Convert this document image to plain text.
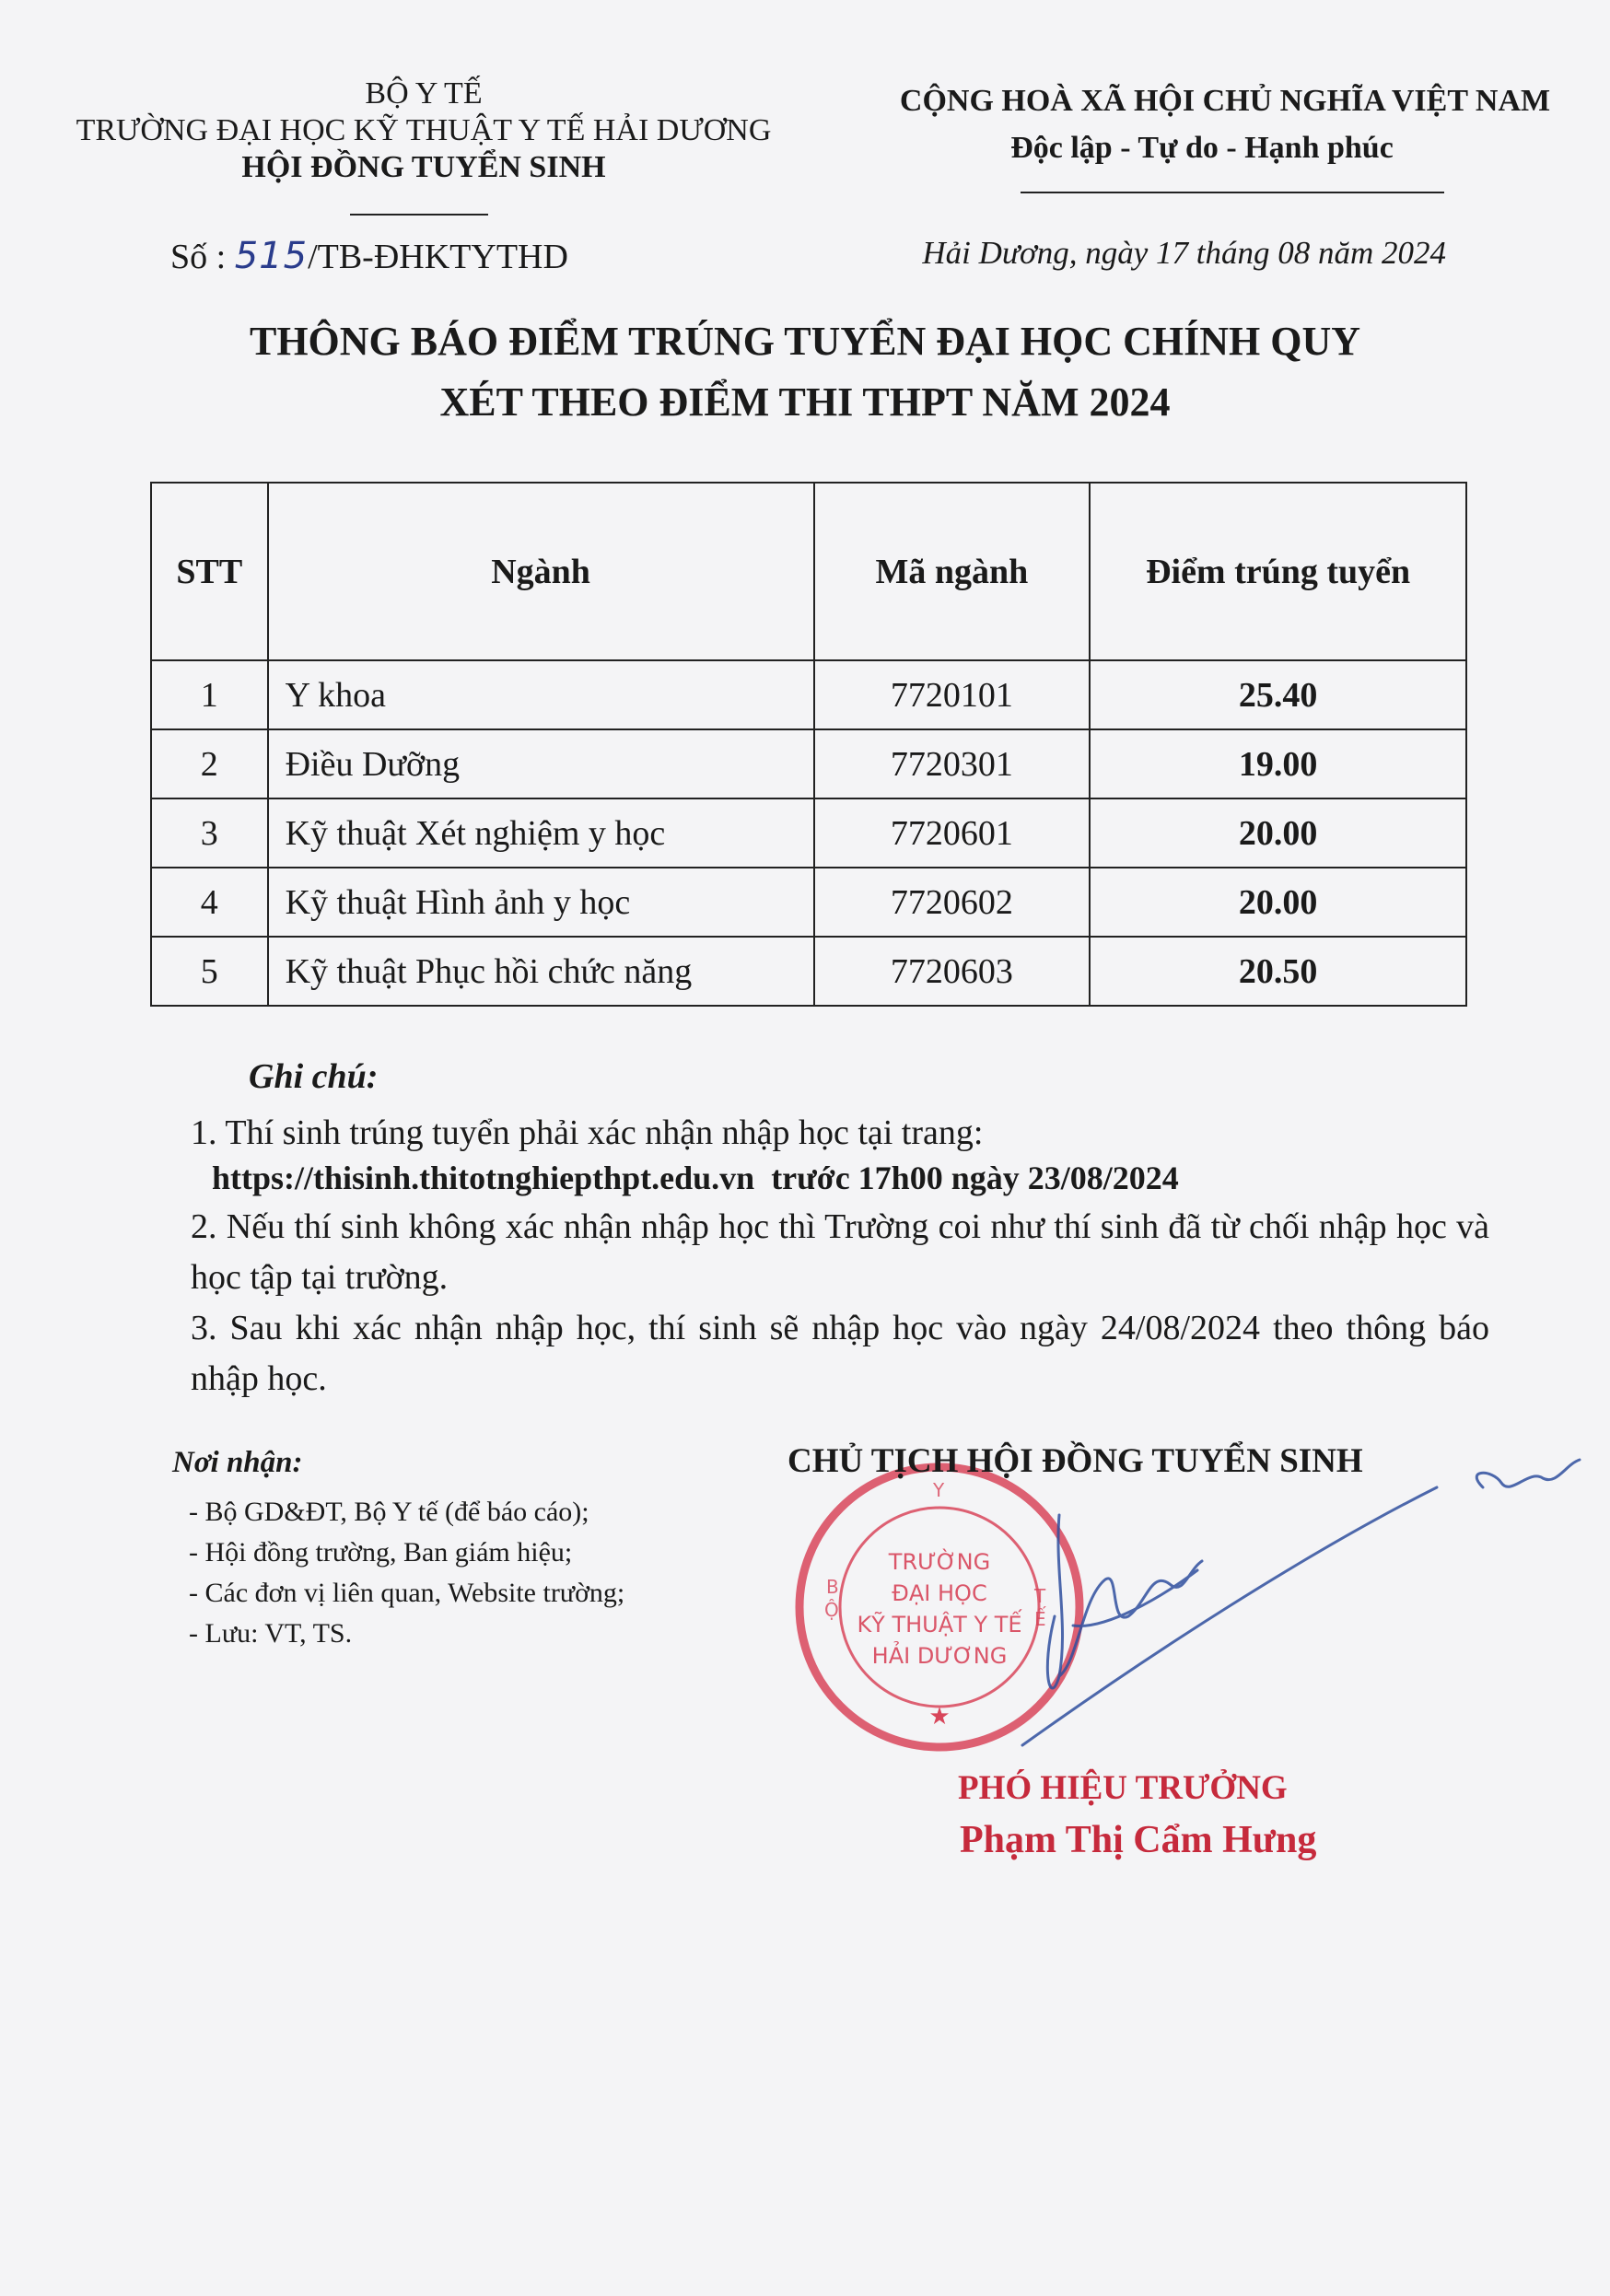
BỘ Y TẾ
TRƯỜNG ĐẠI HỌC KỸ THUẬT Y TẾ HẢI DƯƠNG
HỘI ĐỒNG TUYỂN SINH
CỘNG HOÀ XÃ HỘI CHỦ NGHĨA VIỆT NAM
Độc lập - Tự do - Hạnh phúc
Số : 515/TB-ĐHKTYTHD	Hải Dương, ngày 17 tháng 08 năm 2024
THÔNG BÁO ĐIỂM TRÚNG TUYỂN ĐẠI HỌC CHÍNH QUY
XÉT THEO ĐIỂM THI THPT NĂM 2024
STT	Ngành	Mã ngành	Điểm trúng tuyển
1	Y khoa	7720101	25.40
2	Điều Dưỡng	7720301	19.00
3	Kỹ thuật Xét nghiệm y học	7720601	20.00
4	Kỹ thuật Hình ảnh y học	7720602	20.00
5	Kỹ thuật Phục hồi chức năng	7720603	20.50
Ghi chú:
1. Thí sinh trúng tuyển phải xác nhận nhập học tại trang:
https://thisinh.thitotnghiepthpt.edu.vn trước 17h00 ngày 23/08/2024
2. Nếu thí sinh không xác nhận nhập học thì Trường coi như thí sinh đã từ chối nhập học và học tập tại trường.
3. Sau khi xác nhận nhập học, thí sinh sẽ nhập học vào ngày 24/08/2024 theo thông báo nhập học.
Nơi nhận:
- Bộ GD&ĐT, Bộ Y tế (để báo cáo);
- Hội đồng trường, Ban giám hiệu;
- Các đơn vị liên quan, Website trường;
- Lưu: VT, TS.
TRƯỜNG
ĐẠI HỌC
KỸ THUẬT Y TẾ
HẢI DƯƠNG
B
Ộ
Y
T
Ế
★
CHỦ TỊCH HỘI ĐỒNG TUYỂN SINH
PHÓ HIỆU TRƯỞNG
Phạm Thị Cẩm Hưng
